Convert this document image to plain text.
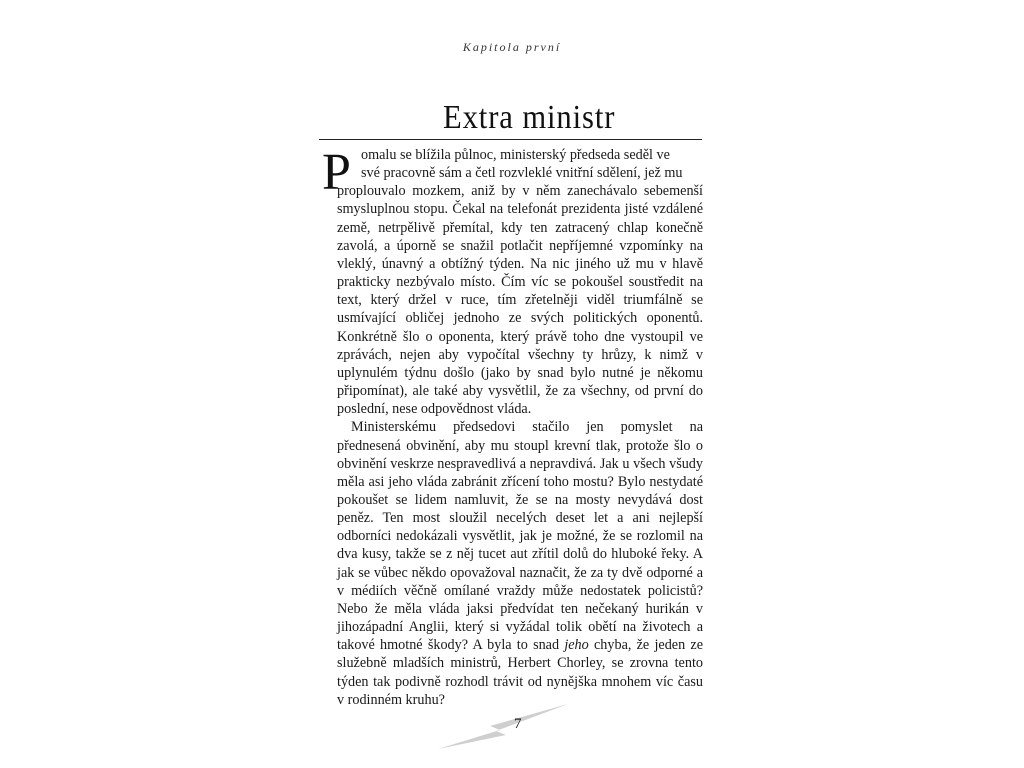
Kapitola první
Extra ministr
P omalu se blížila půlnoc, ministerský předseda seděl ve
své pracovně sám a četl rozvleklé vnitřní sdělení, jež mu
proplouvalo mozkem, aniž by v něm zanechávalo sebemenší smysluplnou stopu. Čekal na telefonát prezidenta jisté vzdálené země, netrpělivě přemítal, kdy ten zatracený chlap konečně zavolá, a úporně se snažil potlačit nepříjemné vzpomínky na vleklý, únavný a obtížný týden. Na nic jiného už mu v hlavě prakticky nezbývalo místo. Čím víc se pokoušel soustředit na text, který držel v ruce, tím zřetelněji viděl triumfálně se usmívající obličej jednoho ze svých politických oponentů. Konkrétně šlo o oponenta, který právě toho dne vystoupil ve zprávách, nejen aby vypočítal všechny ty hrůzy, k nimž v uplynulém týdnu došlo (jako by snad bylo nutné je někomu připomínat), ale také aby vysvětlil, že za všechny, od první do poslední, nese odpovědnost vláda.

Ministerskému předsedovi stačilo jen pomyslet na přednesená obvinění, aby mu stoupl krevní tlak, protože šlo o obvinění veskrze nespravedlivá a nepravdivá. Jak u všech všudy měla asi jeho vláda zabránit zřícení toho mostu? Bylo nestydaté pokoušet se lidem namluvit, že se na mosty nevydává dost peněz. Ten most sloužil necelých deset let a ani nejlepší odborníci nedokázali vysvětlit, jak je možné, že se rozlomil na dva kusy, takže se z něj tucet aut zřítil dolů do hluboké řeky. A jak se vůbec někdo opovažoval naznačit, že za ty dvě odporné a v médiích věčně omílané vraždy může nedostatek policistů? Nebo že měla vláda jaksi předvídat ten nečekaný hurikán v jihozápadní Anglii, který si vyžádal tolik obětí na životech a takové hmotné škody? A byla to snad jeho chyba, že jeden ze služebně mladších ministrů, Herbert Chorley, se zrovna tento týden tak podivně rozhodl trávit od nynějška mnohem víc času v rodinném kruhu?

7
